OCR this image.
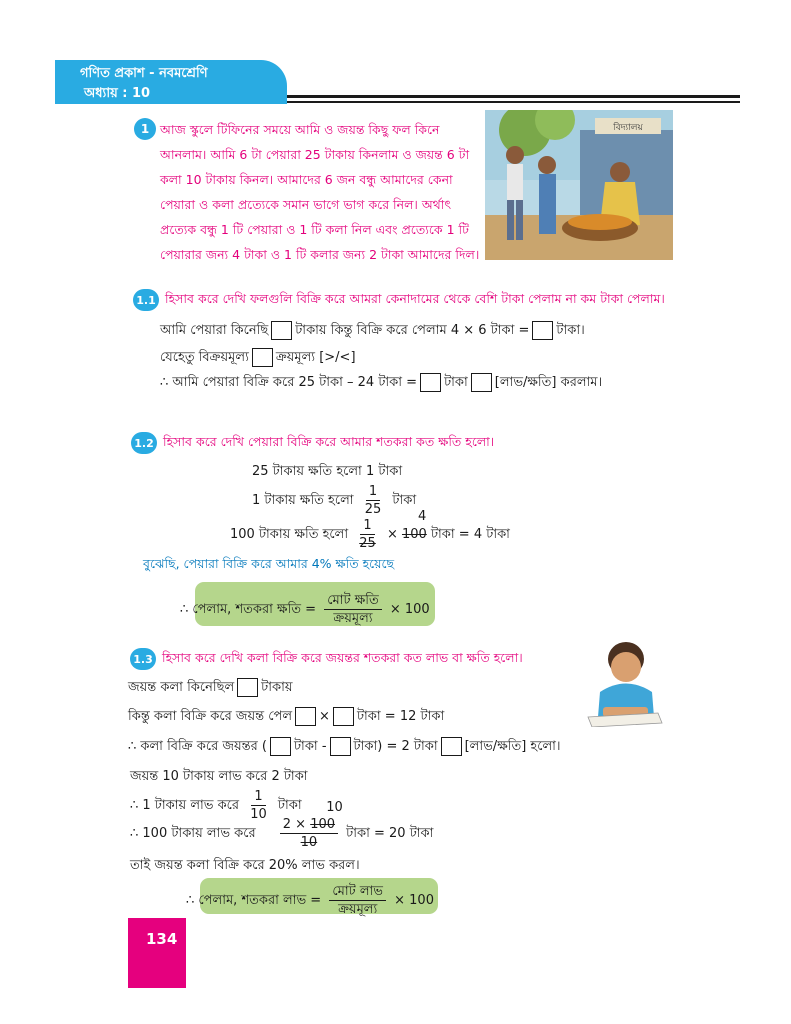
গণিত প্রকাশ - নবমশ্রেণি
অধ্যায় : 10
1 আজ স্কুলে টিফিনের সময়ে আমি ও জয়ন্ত কিছু ফল কিনে আনলাম। আমি 6 টা পেয়ারা 25 টাকায় কিনলাম ও জয়ন্ত 6 টা কলা 10 টাকায় কিনল। আমাদের 6 জন বন্ধু আমাদের কেনা পেয়ারা ও কলা প্রত্যেকে সমান ভাগে ভাগ করে নিল। অর্থাৎ প্রত্যেক বন্ধু 1 টি পেয়ারা ও 1 টি কলা নিল এবং প্রত্যেকে 1 টি পেয়ারার জন্য 4 টাকা ও 1 টি কলার জন্য 2 টাকা আমাদের দিল।

বিদ্যালয়
1.1 হিসাব করে দেখি ফলগুলি বিক্রি করে আমরা কেনাদামের থেকে বেশি টাকা পেলাম না কম টাকা পেলাম।
আমি পেয়ারা কিনেছি টাকায় কিন্তু বিক্রি করে পেলাম 4 × 6 টাকা = টাকা।
যেহেতু বিক্রয়মূল্য ক্রয়মূল্য [>/<]
∴ আমি পেয়ারা বিক্রি করে 25 টাকা – 24 টাকা = টাকা [লাভ/ক্ষতি] করলাম।
1.2 হিসাব করে দেখি পেয়ারা বিক্রি করে আমার শতকরা কত ক্ষতি হলো।
25 টাকায় ক্ষতি হলো 1 টাকা
1 টাকায় ক্ষতি হলো $\frac{1}{25}$ টাকা
100 টাকায় ক্ষতি হলো $\frac{1}{25} \times 100$
4
টাকা = 4 টাকা
বুঝেছি, পেয়ারা বিক্রি করে আমার 4% ক্ষতি হয়েছে
∴ পেলাম, শতকরা ক্ষতি = $\frac{\text{মোট ক্ষতি}}{\text{ক্রয়মূল্য}} \times 100$
1.3 হিসাব করে দেখি কলা বিক্রি করে জয়ন্তর শতকরা কত লাভ বা ক্ষতি হলো।
জয়ন্ত কলা কিনেছিল টাকায়
কিন্তু কলা বিক্রি করে জয়ন্ত পেল × টাকা = 12 টাকা
∴ কলা বিক্রি করে জয়ন্তর ( টাকা - টাকা) = 2 টাকা [লাভ/ক্ষতি] হলো।
জয়ন্ত 10 টাকায় লাভ করে 2 টাকা
∴ 1 টাকায় লাভ করে $\frac{1}{10}$ টাকা
∴ 100 টাকায় লাভ করে 2 × 100
10
10 টাকা = 20 টাকা
তাই জয়ন্ত কলা বিক্রি করে 20% লাভ করল।
∴ পেলাম, শতকরা লাভ = $\frac{\text{মোট লাভ}}{\text{ক্রয়মূল্য}} \times 100$
134
